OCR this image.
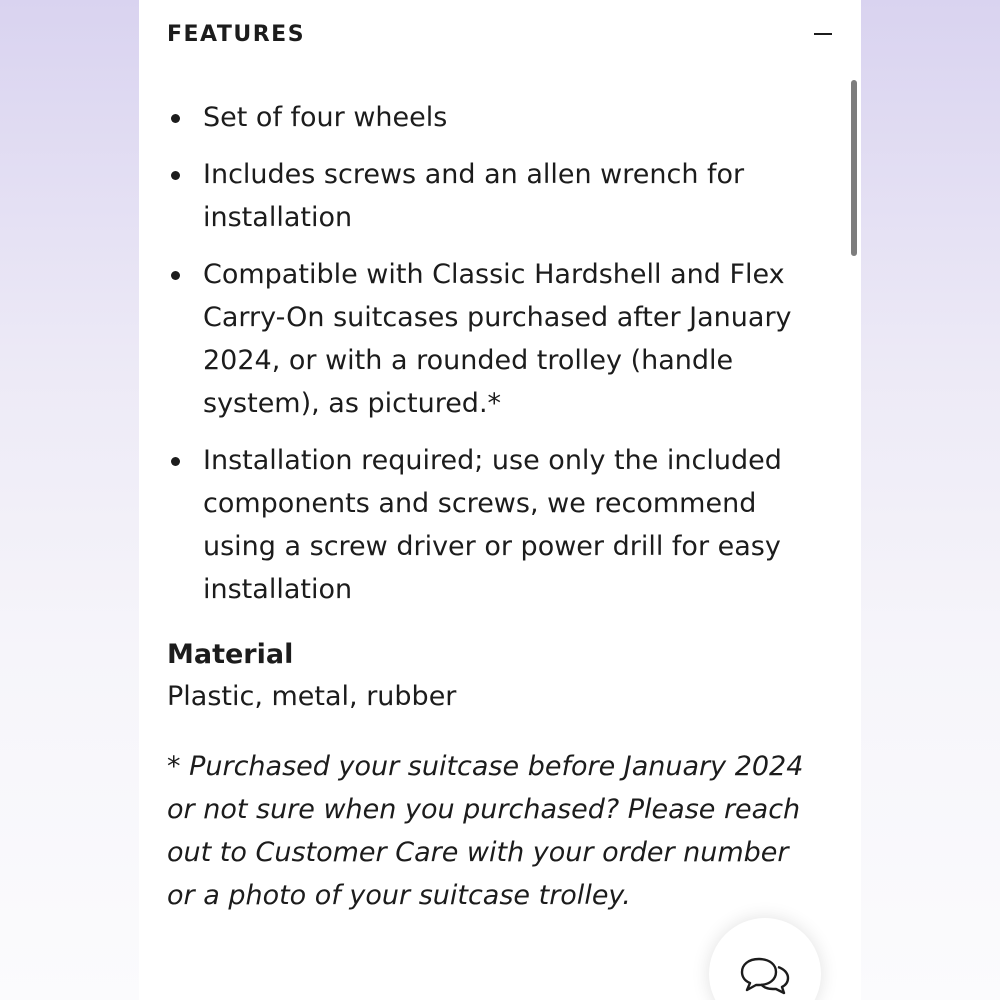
FEATURES
Set of four wheels
Includes screws and an allen wrench for installation
Compatible with Classic Hardshell and Flex Carry-On suitcases purchased after January 2024, or with a rounded trolley (handle system), as pictured.*
Installation required; use only the included components and screws, we recommend using a screw driver or power drill for easy installation
Material
Plastic, metal, rubber
* Purchased your suitcase before January 2024 or not sure when you purchased? Please reach out to Customer Care with your order number or a photo of your suitcase trolley.
